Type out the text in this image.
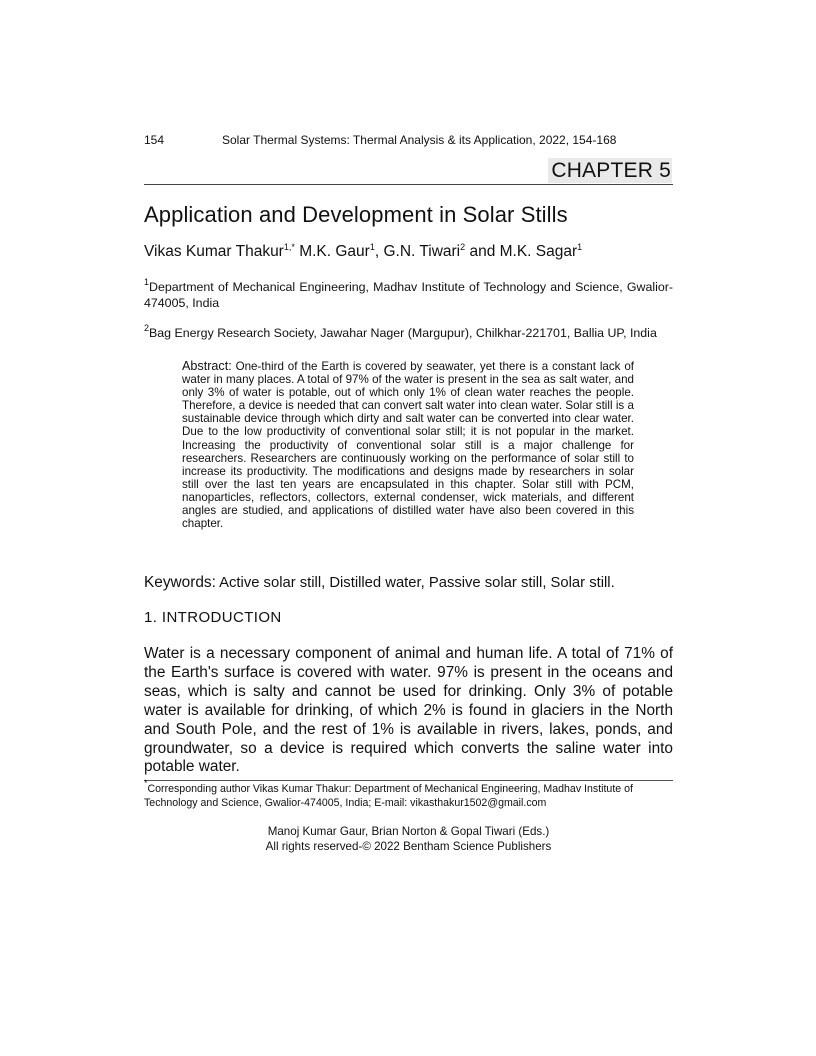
154	Solar Thermal Systems: Thermal Analysis & its Application, 2022, 154-168
CHAPTER 5
Application and Development in Solar Stills
Vikas Kumar Thakur$^{1,*}$ M.K. Gaur$^1$, G.N. Tiwari$^2$ and M.K. Sagar$^1$
$^1$Department of Mechanical Engineering, Madhav Institute of Technology and Science, Gwalior-474005, India
$^2$Bag Energy Research Society, Jawahar Nager (Margupur), Chilkhar-221701, Ballia UP, India
Abstract: One-third of the Earth is covered by seawater, yet there is a constant lack of water in many places. A total of 97% of the water is present in the sea as salt water, and only 3% of water is potable, out of which only 1% of clean water reaches the people. Therefore, a device is needed that can convert salt water into clean water. Solar still is a sustainable device through which dirty and salt water can be converted into clear water. Due to the low productivity of conventional solar still; it is not popular in the market. Increasing the productivity of conventional solar still is a major challenge for researchers. Researchers are continuously working on the performance of solar still to increase its productivity. The modifications and designs made by researchers in solar still over the last ten years are encapsulated in this chapter. Solar still with PCM, nanoparticles, reflectors, collectors, external condenser, wick materials, and different angles are studied, and applications of distilled water have also been covered in this chapter.
Keywords: Active solar still, Distilled water, Passive solar still, Solar still.
1. INTRODUCTION
Water is a necessary component of animal and human life. A total of 71% of the Earth's surface is covered with water. 97% is present in the oceans and seas, which is salty and cannot be used for drinking. Only 3% of potable water is available for drinking, of which 2% is found in glaciers in the North and South Pole, and the rest of 1% is available in rivers, lakes, ponds, and groundwater, so a device is required which converts the saline water into potable water.
*Corresponding author Vikas Kumar Thakur: Department of Mechanical Engineering, Madhav Institute of Technology and Science, Gwalior-474005, India; E-mail: vikasthakur1502@gmail.com
Manoj Kumar Gaur, Brian Norton & Gopal Tiwari (Eds.)
All rights reserved-© 2022 Bentham Science Publishers
